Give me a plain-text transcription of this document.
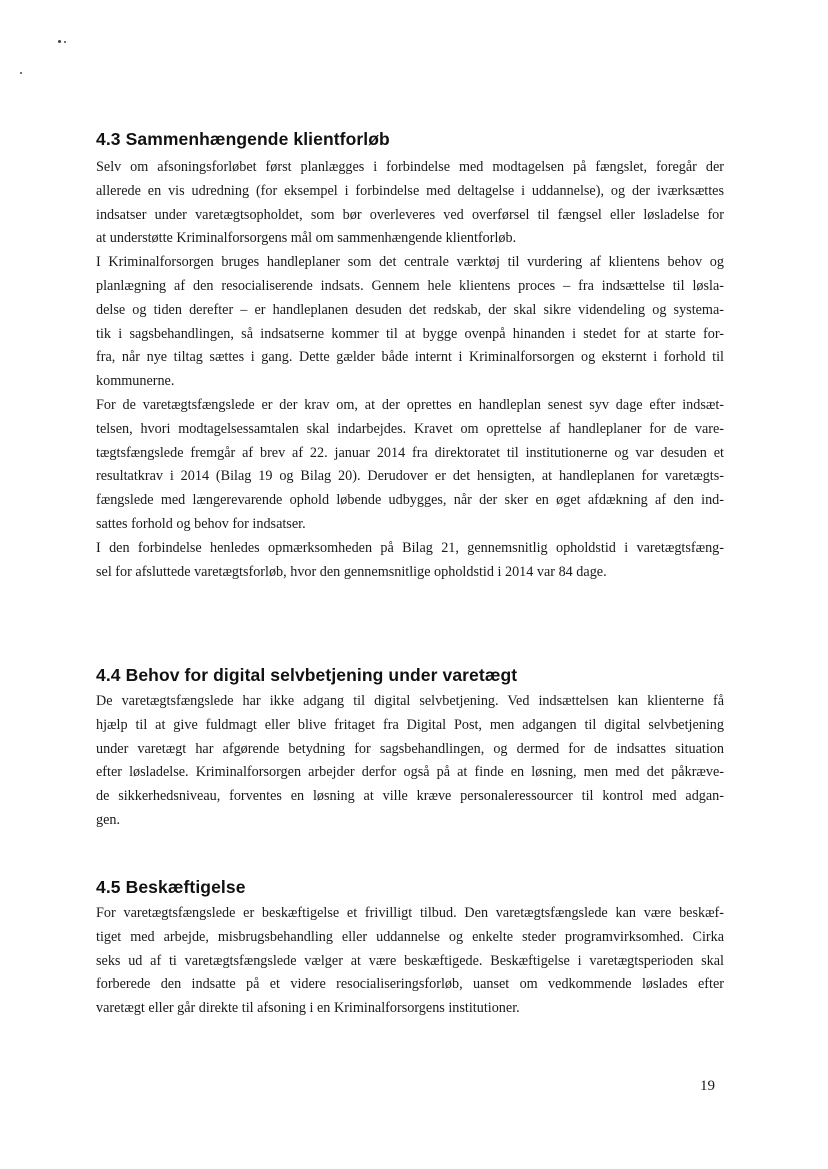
4.3 Sammenhængende klientforløb

Selv om afsoningsforløbet først planlægges i forbindelse med modtagelsen på fængslet, foregår der
allerede en vis udredning (for eksempel i forbindelse med deltagelse i uddannelse), og der iværksættes
indsatser under varetægtsopholdet, som bør overleveres ved overførsel til fængsel eller løsladelse for
at understøtte Kriminalforsorgens mål om sammenhængende klientforløb.

I Kriminalforsorgen bruges handleplaner som det centrale værktøj til vurdering af klientens behov og
planlægning af den resocialiserende indsats. Gennem hele klientens proces – fra indsættelse til løsla-
delse og tiden derefter – er handleplanen desuden det redskab, der skal sikre videndeling og systema-
tik i sagsbehandlingen, så indsatserne kommer til at bygge ovenpå hinanden i stedet for at starte for-
fra, når nye tiltag sættes i gang. Dette gælder både internt i Kriminalforsorgen og eksternt i forhold til
kommunerne.

For de varetægtsfængslede er der krav om, at der oprettes en handleplan senest syv dage efter indsæt-
telsen, hvori modtagelsessamtalen skal indarbejdes. Kravet om oprettelse af handleplaner for de vare-
tægtsfængslede fremgår af brev af 22. januar 2014 fra direktoratet til institutionerne og var desuden et
resultatkrav i 2014 (Bilag 19 og Bilag 20). Derudover er det hensigten, at handleplanen for varetægts-
fængslede med længerevarende ophold løbende udbygges, når der sker en øget afdækning af den ind-
sattes forhold og behov for indsatser.

I den forbindelse henledes opmærksomheden på Bilag 21, gennemsnitlig opholdstid i varetægtsfæng-
sel for afsluttede varetægtsforløb, hvor den gennemsnitlige opholdstid i 2014 var 84 dage.

4.4 Behov for digital selvbetjening under varetægt

De varetægtsfængslede har ikke adgang til digital selvbetjening. Ved indsættelsen kan klienterne få
hjælp til at give fuldmagt eller blive fritaget fra Digital Post, men adgangen til digital selvbetjening
under varetægt har afgørende betydning for sagsbehandlingen, og dermed for de indsattes situation
efter løsladelse. Kriminalforsorgen arbejder derfor også på at finde en løsning, men med det påkræve-
de sikkerhedsniveau, forventes en løsning at ville kræve personaleressourcer til kontrol med adgan-
gen.

4.5 Beskæftigelse

For varetægtsfængslede er beskæftigelse et frivilligt tilbud. Den varetægtsfængslede kan være beskæf-
tiget med arbejde, misbrugsbehandling eller uddannelse og enkelte steder programvirksomhed. Cirka
seks ud af ti varetægtsfængslede vælger at være beskæftigede. Beskæftigelse i varetægtsperioden skal
forberede den indsatte på et videre resocialiseringsforløb, uanset om vedkommende løslades efter
varetægt eller går direkte til afsoning i en Kriminalforsorgens institutioner.

19
